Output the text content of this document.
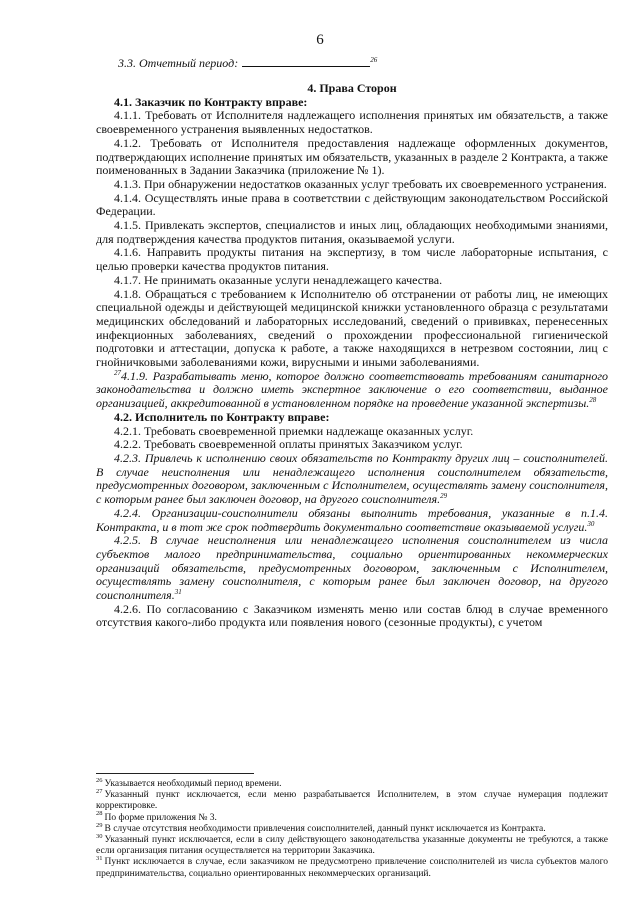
6
3.3. Отчетный период:	$^{26}$

4. Права Сторон

4.1. Заказчик по Контракту вправе:

4.1.1. Требовать от Исполнителя надлежащего исполнения принятых им обязательств, а также своевременного устранения выявленных недостатков.

4.1.2. Требовать от Исполнителя предоставления надлежаще оформленных документов, подтверждающих исполнение принятых им обязательств, указанных в разделе 2 Контракта, а также поименованных в Задании Заказчика (приложение № 1).

4.1.3. При обнаружении недостатков оказанных услуг требовать их своевременного устранения.

4.1.4. Осуществлять иные права в соответствии с действующим законодательством Российской Федерации.

4.1.5. Привлекать экспертов, специалистов и иных лиц, обладающих необходимыми знаниями, для подтверждения качества продуктов питания, оказываемой услуги.

4.1.6. Направить продукты питания на экспертизу, в том числе лабораторные испытания, с целью проверки качества продуктов питания.

4.1.7. Не принимать оказанные услуги ненадлежащего качества.

4.1.8. Обращаться с требованием к Исполнителю об отстранении от работы лиц, не имеющих специальной одежды и действующей медицинской книжки установленного образца с результатами медицинских обследований и лабораторных исследований, сведений о прививках, перенесенных инфекционных заболеваниях, сведений о прохождении профессиональной гигиенической подготовки и аттестации, допуска к работе, а также находящихся в нетрезвом состоянии, лиц с гнойничковыми заболеваниями кожи, вирусными и иными заболеваниями.

$^{27}$4.1.9. Разрабатывать меню, которое должно соответствовать требованиям санитарного законодательства и должно иметь экспертное заключение о его соответствии, выданное организацией, аккредитованной в установленном порядке на проведение указанной экспертизы.$^{28}$

4.2. Исполнитель по Контракту вправе:

4.2.1. Требовать своевременной приемки надлежаще оказанных услуг.

4.2.2. Требовать своевременной оплаты принятых Заказчиком услуг.

4.2.3. Привлечь к исполнению своих обязательств по Контракту других лиц – соисполнителей. В случае неисполнения или ненадлежащего исполнения соисполнителем обязательств, предусмотренных договором, заключенным с Исполнителем, осуществлять замену соисполнителя, с которым ранее был заключен договор, на другого соисполнителя.$^{29}$

4.2.4. Организации-соисполнители обязаны выполнить требования, указанные в п.1.4. Контракта, и в тот же срок подтвердить документально соответствие оказываемой услуги.$^{30}$

4.2.5. В случае неисполнения или ненадлежащего исполнения соисполнителем из числа субъектов малого предпринимательства, социально ориентированных некоммерческих организаций обязательств, предусмотренных договором, заключенным с Исполнителем, осуществлять замену соисполнителя, с которым ранее был заключен договор, на другого соисполнителя.$^{31}$

4.2.6. По согласованию с Заказчиком изменять меню или состав блюд в случае временного отсутствия какого-либо продукта или появления нового (сезонные продукты), с учетом

$^{26}$ Указывается необходимый период времени.

$^{27}$ Указанный пункт исключается, если меню разрабатывается Исполнителем, в этом случае нумерация подлежит корректировке.

$^{28}$ По форме приложения № 3.

$^{29}$ В случае отсутствия необходимости привлечения соисполнителей, данный пункт исключается из Контракта.

$^{30}$ Указанный пункт исключается, если в силу действующего законодательства указанные документы не требуются, а также если организация питания осуществляется на территории Заказчика.

$^{31}$ Пункт исключается в случае, если заказчиком не предусмотрено привлечение соисполнителей из числа субъектов малого предпринимательства, социально ориентированных некоммерческих организаций.
